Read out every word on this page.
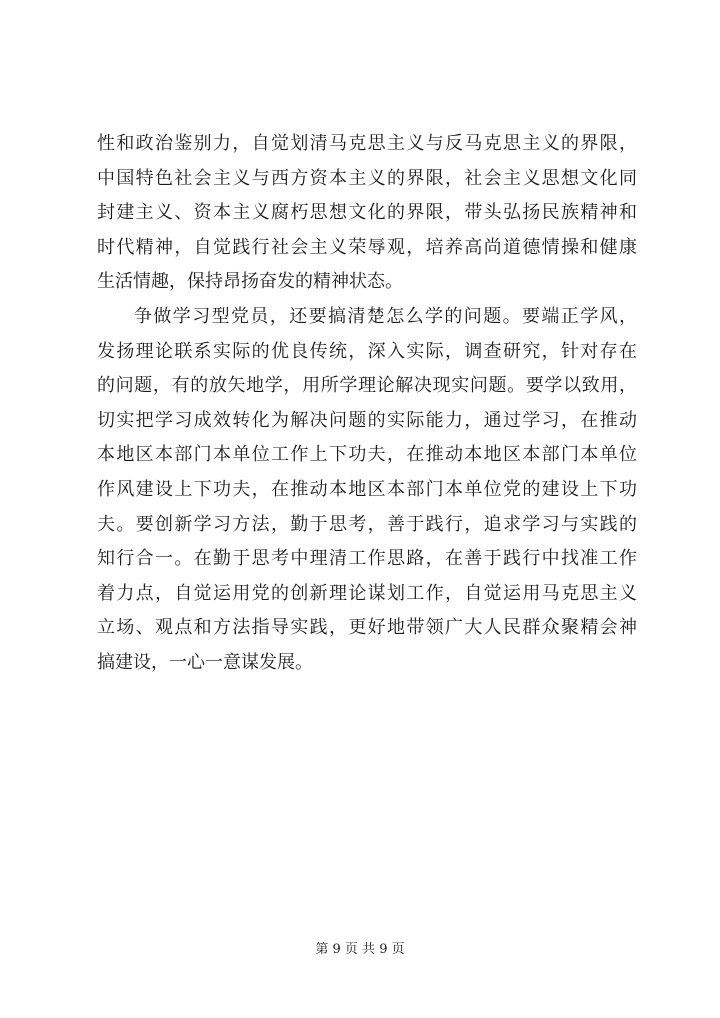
性和政治鉴别力，自觉划清马克思主义与反马克思主义的界限，
中国特色社会主义与西方资本主义的界限，社会主义思想文化同
封建主义、资本主义腐朽思想文化的界限，带头弘扬民族精神和
时代精神，自觉践行社会主义荣辱观，培养高尚道德情操和健康
生活情趣，保持昂扬奋发的精神状态。
争做学习型党员，还要搞清楚怎么学的问题。要端正学风，
发扬理论联系实际的优良传统，深入实际，调查研究，针对存在
的问题，有的放矢地学，用所学理论解决现实问题。要学以致用，
切实把学习成效转化为解决问题的实际能力，通过学习，在推动
本地区本部门本单位工作上下功夫，在推动本地区本部门本单位
作风建设上下功夫，在推动本地区本部门本单位党的建设上下功
夫。要创新学习方法，勤于思考，善于践行，追求学习与实践的
知行合一。在勤于思考中理清工作思路，在善于践行中找准工作
着力点，自觉运用党的创新理论谋划工作，自觉运用马克思主义
立场、观点和方法指导实践，更好地带领广大人民群众聚精会神
搞建设，一心一意谋发展。
第 9 页 共 9 页
